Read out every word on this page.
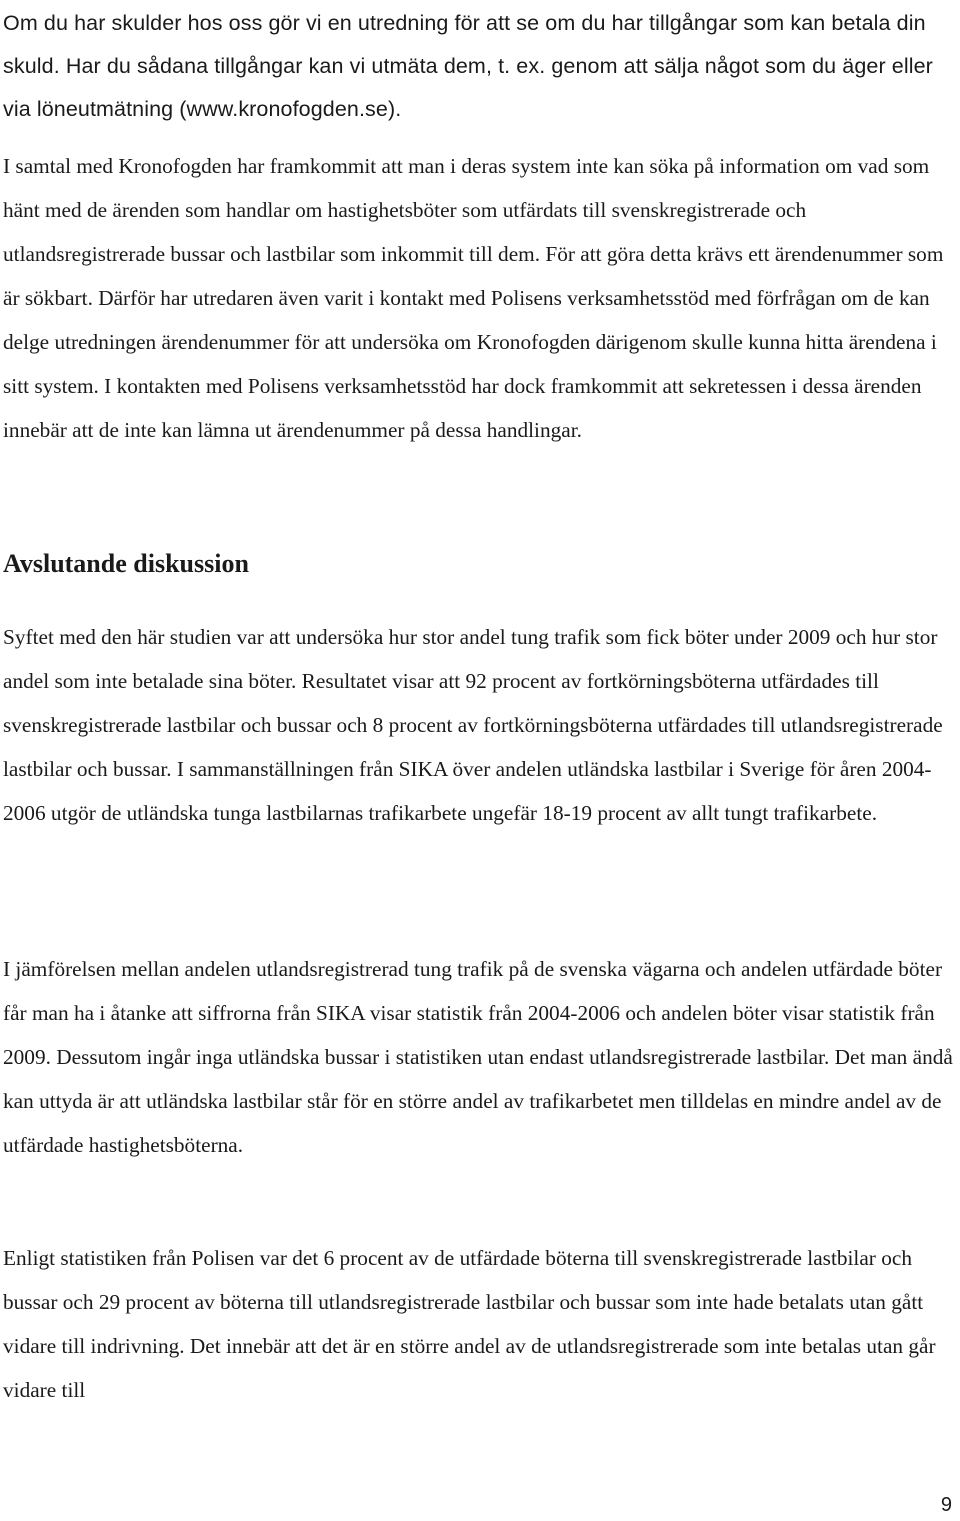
Om du har skulder hos oss gör vi en utredning för att se om du har tillgångar som kan betala din skuld. Har du sådana tillgångar kan vi utmäta dem, t. ex. genom att sälja något som du äger eller via löneutmätning (www.kronofogden.se).

I samtal med Kronofogden har framkommit att man i deras system inte kan söka på information om vad som hänt med de ärenden som handlar om hastighetsböter som utfärdats till svenskregistrerade och utlandsregistrerade bussar och lastbilar som inkommit till dem. För att göra detta krävs ett ärendenummer som är sökbart. Därför har utredaren även varit i kontakt med Polisens verksamhetsstöd med förfrågan om de kan delge utredningen ärendenummer för att undersöka om Kronofogden därigenom skulle kunna hitta ärendena i sitt system. I kontakten med Polisens verksamhetsstöd har dock framkommit att sekretessen i dessa ärenden innebär att de inte kan lämna ut ärendenummer på dessa handlingar.

Avslutande diskussion

Syftet med den här studien var att undersöka hur stor andel tung trafik som fick böter under 2009 och hur stor andel som inte betalade sina böter. Resultatet visar att 92 procent av fortkörningsböterna utfärdades till svenskregistrerade lastbilar och bussar och 8 procent av fortkörningsböterna utfärdades till utlandsregistrerade lastbilar och bussar. I sammanställningen från SIKA över andelen utländska lastbilar i Sverige för åren 2004-2006 utgör de utländska tunga lastbilarnas trafikarbete ungefär 18-19 procent av allt tungt trafikarbete.

I jämförelsen mellan andelen utlandsregistrerad tung trafik på de svenska vägarna och andelen utfärdade böter får man ha i åtanke att siffrorna från SIKA visar statistik från 2004-2006 och andelen böter visar statistik från 2009. Dessutom ingår inga utländska bussar i statistiken utan endast utlandsregistrerade lastbilar. Det man ändå kan uttyda är att utländska lastbilar står för en större andel av trafikarbetet men tilldelas en mindre andel av de utfärdade hastighetsböterna.

Enligt statistiken från Polisen var det 6 procent av de utfärdade böterna till svenskregistrerade lastbilar och bussar och 29 procent av böterna till utlandsregistrerade lastbilar och bussar som inte hade betalats utan gått vidare till indrivning. Det innebär att det är en större andel av de utlandsregistrerade som inte betalas utan går vidare till

9
